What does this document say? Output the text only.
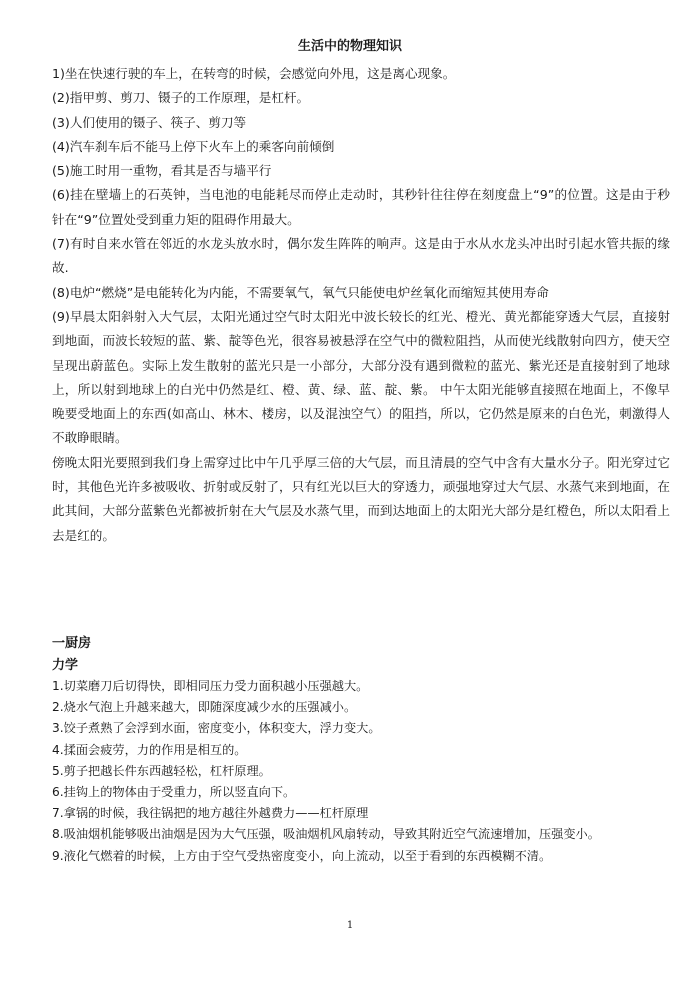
生活中的物理知识

1)坐在快速行驶的车上，在转弯的时候，会感觉向外甩，这是离心现象。

(2)指甲剪、剪刀、镊子的工作原理，是杠杆。

(3)人们使用的镊子、筷子、剪刀等

(4)汽车刹车后不能马上停下火车上的乘客向前倾倒

(5)施工时用一重物，看其是否与墙平行

(6)挂在壁墙上的石英钟，当电池的电能耗尽而停止走动时，其秒针往往停在刻度盘上“9”的位置。这是由于秒针在“9”位置处受到重力矩的阻碍作用最大。

(7)有时自来水管在邻近的水龙头放水时，偶尔发生阵阵的响声。这是由于水从水龙头冲出时引起水管共振的缘故.

(8)电炉“燃烧”是电能转化为内能，不需要氧气，氧气只能使电炉丝氧化而缩短其使用寿命

(9)早晨太阳斜射入大气层，太阳光通过空气时太阳光中波长较长的红光、橙光、黄光都能穿透大气层，直接射到地面，而波长较短的蓝、紫、靛等色光，很容易被悬浮在空气中的微粒阻挡，从而使光线散射向四方，使天空呈现出蔚蓝色。实际上发生散射的蓝光只是一小部分，大部分没有遇到微粒的蓝光、紫光还是直接射到了地球上，所以射到地球上的白光中仍然是红、橙、黄、绿、蓝、靛、紫。 中午太阳光能够直接照在地面上，不像早晚要受地面上的东西(如高山、林木、楼房，以及混浊空气）的阻挡，所以，它仍然是原来的白色光，刺激得人不敢睁眼睛。

傍晚太阳光要照到我们身上需穿过比中午几乎厚三倍的大气层，而且清晨的空气中含有大量水分子。阳光穿过它时，其他色光许多被吸收、折射或反射了，只有红光以巨大的穿透力，顽强地穿过大气层、水蒸气来到地面，在此其间，大部分蓝紫色光都被折射在大气层及水蒸气里，而到达地面上的太阳光大部分是红橙色，所以太阳看上去是红的。

一厨房
力学

1.切菜磨刀后切得快，即相同压力受力面积越小压强越大。

2.烧水气泡上升越来越大，即随深度减少水的压强减小。

3.饺子煮熟了会浮到水面，密度变小，体积变大，浮力变大。

4.揉面会疲劳，力的作用是相互的。

5.剪子把越长件东西越轻松，杠杆原理。

6.挂钩上的物体由于受重力，所以竖直向下。

7.拿锅的时候，我往锅把的地方越往外越费力——杠杆原理

8.吸油烟机能够吸出油烟是因为大气压强，吸油烟机风扇转动，导致其附近空气流速增加，压强变小。

9.液化气燃着的时候，上方由于空气受热密度变小，向上流动，以至于看到的东西模糊不清。

1
